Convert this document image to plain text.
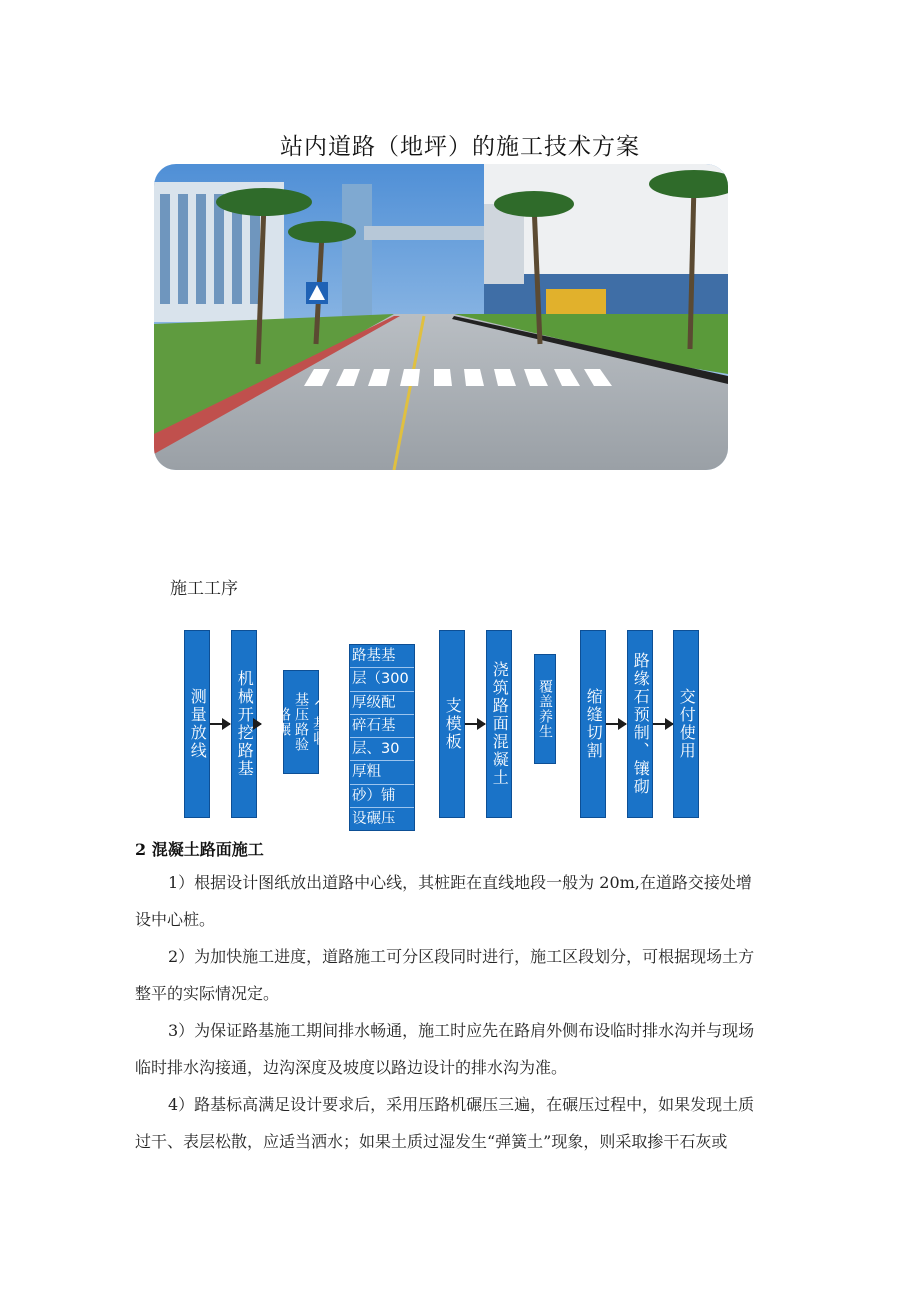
站内道路（地坪）的施工技术方案
施工工序
测量放线 机械开挖路基 路碾 基压路验 ^基收
路基基
层（300
厚级配
碎石基
层、30
厚粗
砂）铺
设碾压
支模板 浇筑路面混凝土 覆盖养生 缩缝切割 路缘石预制、镶砌 交付使用
2 混凝土路面施工
1）根据设计图纸放出道路中心线，其桩距在直线地段一般为 20m,在道路交接处增
设中心桩。
2）为加快施工进度，道路施工可分区段同时进行，施工区段划分，可根据现场土方
整平的实际情况定。
3）为保证路基施工期间排水畅通，施工时应先在路肩外侧布设临时排水沟并与现场
临时排水沟接通，边沟深度及坡度以路边设计的排水沟为准。
4）路基标高满足设计要求后，采用压路机碾压三遍，在碾压过程中，如果发现土质
过干、表层松散，应适当洒水；如果土质过湿发生“弹簧土”现象，则采取掺干石灰或
